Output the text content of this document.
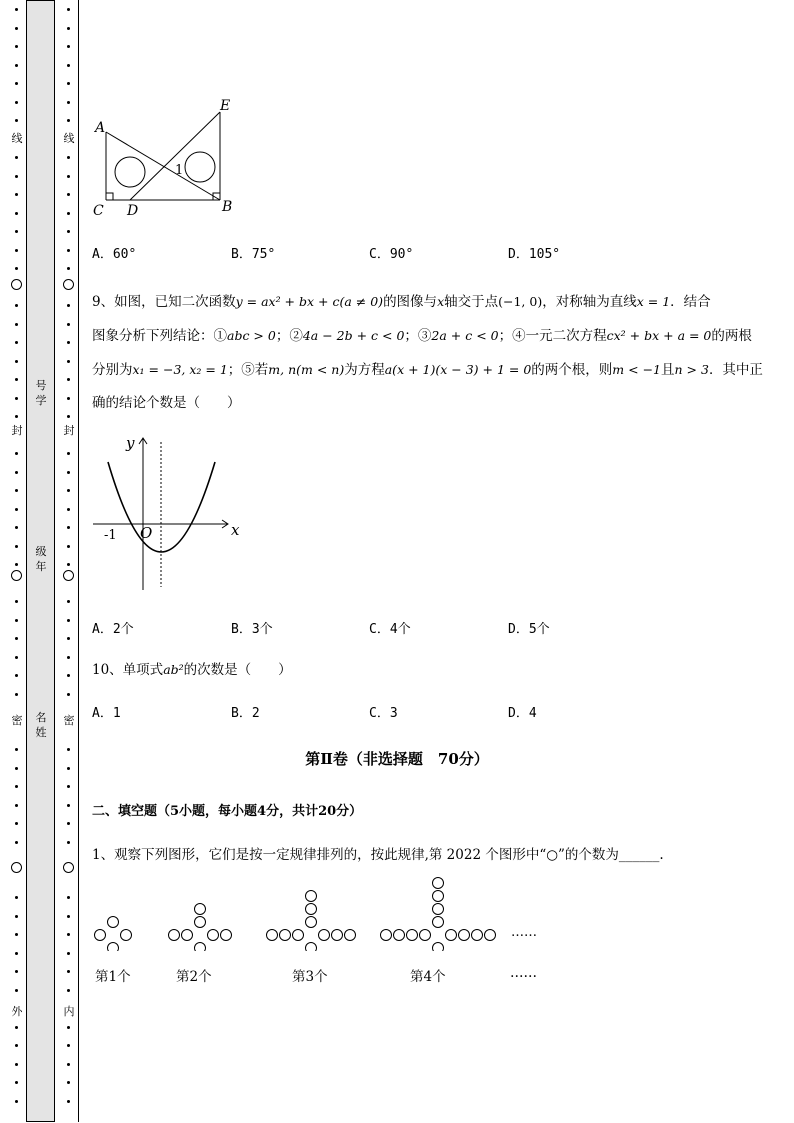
线
封
密
外
线
封
密
内
号学
级年
名姓
A
E
1
C D	B
A．60°	B．75°	C．90°	D．105°
9、如图，已知二次函数y = ax² + bx + c(a ≠ 0)的图像与x轴交于点(−1, 0)，对称轴为直线x = 1．结合
图象分析下列结论：①abc > 0；②4a − 2b + c < 0；③2a + c < 0；④一元二次方程cx² + bx + a = 0的两根
分别为x₁ = −3, x₂ = 1；⑤若m, n(m < n)为方程a(x + 1)(x − 3) + 1 = 0的两个根，则m < −1且n > 3．其中正
确的结论个数是（　　）
y
x
-1 O
A．2个	B．3个	C．4个	D．5个
10、单项式ab²的次数是（　　）
A．1	B．2	C．3	D．4
第Ⅱ卷（非选择题　70分）
二、填空题（5小题，每小题4分，共计20分）
1、观察下列图形，它们是按一定规律排列的，按此规律,第 2022 个图形中“○”的个数为______.
……
第1个	第2个	第3个	第4个	……
